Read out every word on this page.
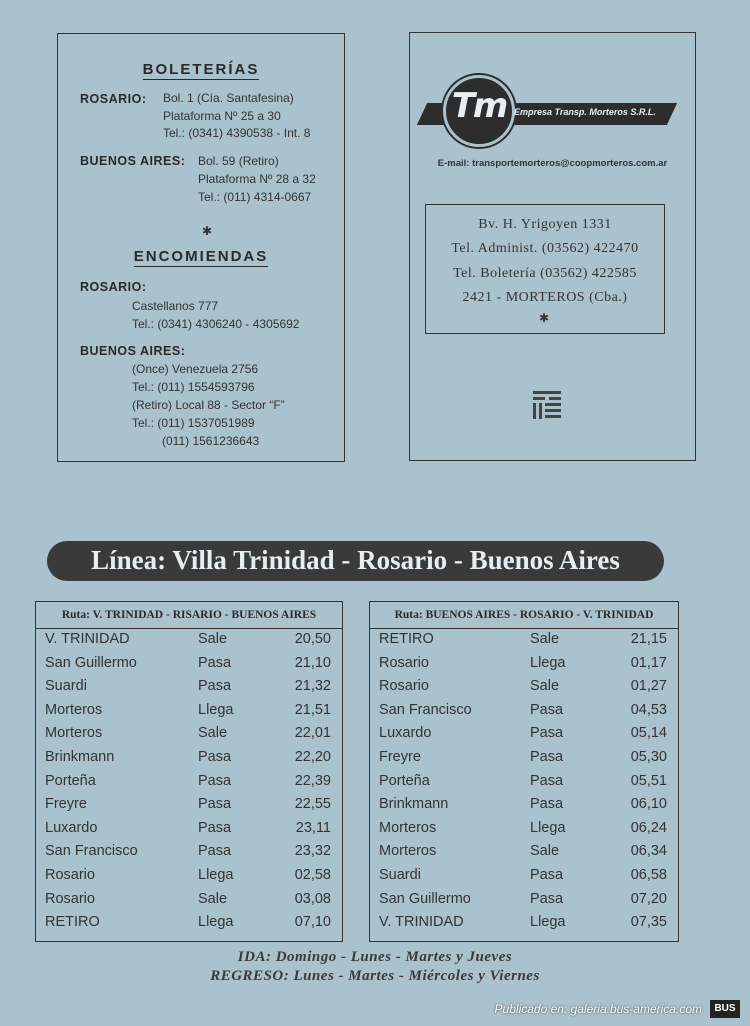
BOLETERÍAS
ROSARIO: Bol. 1 (Cía. Santafesina)
Plataforma Nº 25 a 30
Tel.: (0341) 4390538 - Int. 8
BUENOS AIRES: Bol. 59 (Retiro)
Plataforma Nº 28 a 32
Tel.: (011) 4314-0667
✱
ENCOMIENDAS
ROSARIO:
Castellanos 777
Tel.: (0341) 4306240 - 4305692
BUENOS AIRES:
(Once) Venezuela 2756
Tel.: (011) 1554593796
(Retiro) Local 88 - Sector “F”
Tel.: (011) 1537051989
(011) 1561236643
Tm Empresa Transp. Morteros S.R.L.
E-mail: transportemorteros@coopmorteros.com.ar
Bv. H. Yrigoyen 1331
Tel. Administ. (03562) 422470
Tel. Boletería (03562) 422585
2421 - MORTEROS (Cba.)
✱
Línea: Villa Trinidad - Rosario - Buenos Aires
Ruta: V. TRINIDAD - RISARIO - BUENOS AIRES
V. TRINIDAD	Sale	20,50
San Guillermo	Pasa	21,10
Suardi	Pasa	21,32
Morteros	Llega	21,51
Morteros	Sale	22,01
Brinkmann	Pasa	22,20
Porteña	Pasa	22,39
Freyre	Pasa	22,55
Luxardo	Pasa	23,11
San Francisco	Pasa	23,32
Rosario	Llega	02,58
Rosario	Sale	03,08
RETIRO	Llega	07,10
Ruta: BUENOS AIRES - ROSARIO - V. TRINIDAD
RETIRO	Sale	21,15
Rosario	Llega	01,17
Rosario	Sale	01,27
San Francisco	Pasa	04,53
Luxardo	Pasa	05,14
Freyre	Pasa	05,30
Porteña	Pasa	05,51
Brinkmann	Pasa	06,10
Morteros	Llega	06,24
Morteros	Sale	06,34
Suardi	Pasa	06,58
San Guillermo	Pasa	07,20
V. TRINIDAD	Llega	07,35
IDA: Domingo - Lunes - Martes y Jueves
REGRESO: Lunes - Martes - Miércoles y Viernes
Publicado en: galeria.bus-america.com	BUS
